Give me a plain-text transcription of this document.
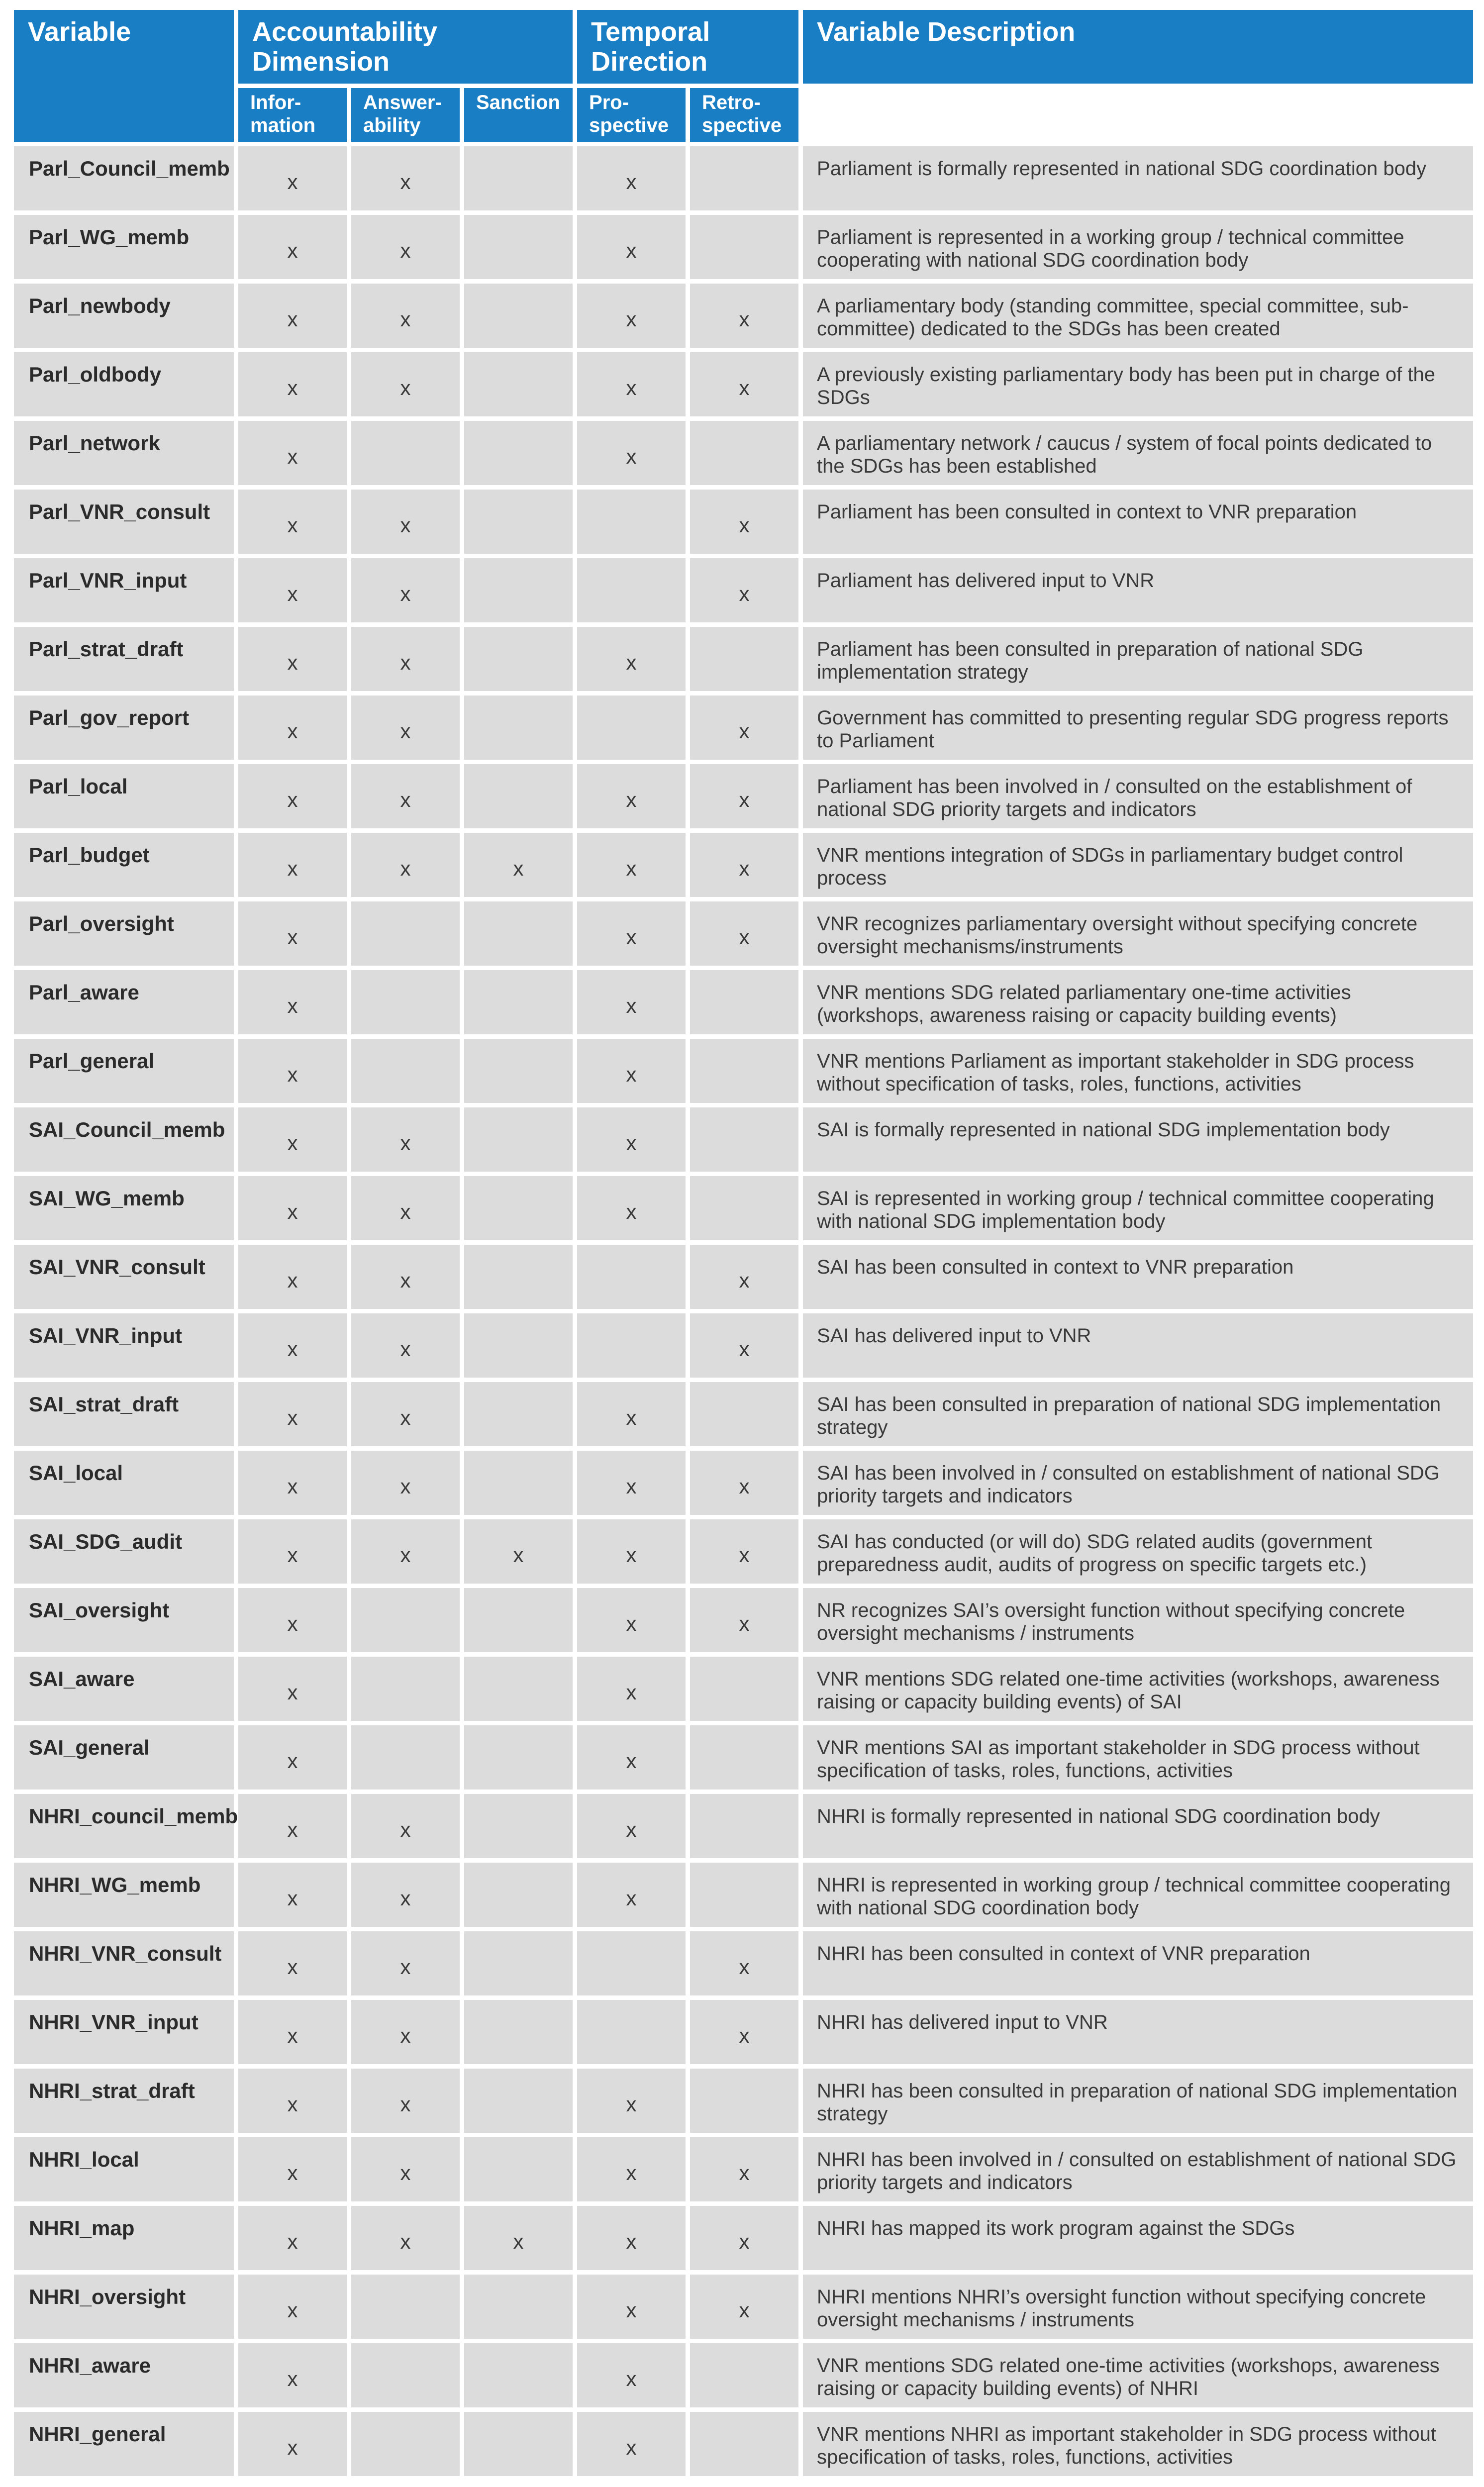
Variable	Accountability Dimension			Temporal Direction		Variable Description
	Infor-mation	Answer-ability	Sanction	Pro-spective	Retro-spective	
Parl_Council_memb	x	x		x		Parliament is formally represented in national SDG coordination body
Parl_WG_memb	x	x		x		Parliament is represented in a working group / technical committee cooperating with national SDG coordination body
Parl_newbody	x	x		x	x	A parliamentary body (standing committee, special committee, sub-committee) dedicated to the SDGs has been created
Parl_oldbody	x	x		x	x	A previously existing parliamentary body has been put in charge of the SDGs
Parl_network	x			x		A parliamentary network / caucus / system of focal points dedicated to the SDGs has been established
Parl_VNR_consult	x	x			x	Parliament has been consulted in context to VNR preparation
Parl_VNR_input	x	x			x	Parliament has delivered input to VNR
Parl_strat_draft	x	x		x		Parliament has been consulted in preparation of national SDG implementation strategy
Parl_gov_report	x	x			x	Government has committed to presenting regular SDG progress reports to Parliament
Parl_local	x	x		x	x	Parliament has been involved in / consulted on the establishment of national SDG priority targets and indicators
Parl_budget	x	x	x	x	x	VNR mentions integration of SDGs in parliamentary budget control process
Parl_oversight	x			x	x	VNR recognizes parliamentary oversight without specifying concrete oversight mechanisms/instruments
Parl_aware	x			x		VNR mentions SDG related parliamentary one-time activities (workshops, awareness raising or capacity building events)
Parl_general	x			x		VNR mentions Parliament as important stakeholder in SDG process without specification of tasks, roles, functions, activities
SAI_Council_memb	x	x		x		SAI is formally represented in national SDG implementation body
SAI_WG_memb	x	x		x		SAI is represented in working group / technical committee cooperating with national SDG implementation body
SAI_VNR_consult	x	x			x	SAI has been consulted in context to VNR preparation
SAI_VNR_input	x	x			x	SAI has delivered input to VNR
SAI_strat_draft	x	x		x		SAI has been consulted in preparation of national SDG implementation strategy
SAI_local	x	x		x	x	SAI has been involved in / consulted on establishment of national SDG priority targets and indicators
SAI_SDG_audit	x	x	x	x	x	SAI has conducted (or will do) SDG related audits (government preparedness audit, audits of progress on specific targets etc.)
SAI_oversight	x			x	x	NR recognizes SAI’s oversight function without specifying concrete oversight mechanisms / instruments
SAI_aware	x			x		VNR mentions SDG related one-time activities (workshops, awareness raising or capacity building events) of SAI
SAI_general	x			x		VNR mentions SAI as important stakeholder in SDG process without specification of tasks, roles, functions, activities
NHRI_council_memb	x	x		x		NHRI is formally represented in national SDG coordination body
NHRI_WG_memb	x	x		x		NHRI is represented in working group / technical committee cooperating with national SDG coordination body
NHRI_VNR_consult	x	x			x	NHRI has been consulted in context of VNR preparation
NHRI_VNR_input	x	x			x	NHRI has delivered input to VNR
NHRI_strat_draft	x	x		x		NHRI has been consulted in preparation of national SDG implementation strategy
NHRI_local	x	x		x	x	NHRI has been involved in / consulted on establishment of national SDG priority targets and indicators
NHRI_map	x	x	x	x	x	NHRI has mapped its work program against the SDGs
NHRI_oversight	x			x	x	NHRI mentions NHRI’s oversight function without specifying concrete oversight mechanisms / instruments
NHRI_aware	x			x		VNR mentions SDG related one-time activities (workshops, awareness raising or capacity building events) of NHRI
NHRI_general	x			x		VNR mentions NHRI as important stakeholder in SDG process without specification of tasks, roles, functions, activities
